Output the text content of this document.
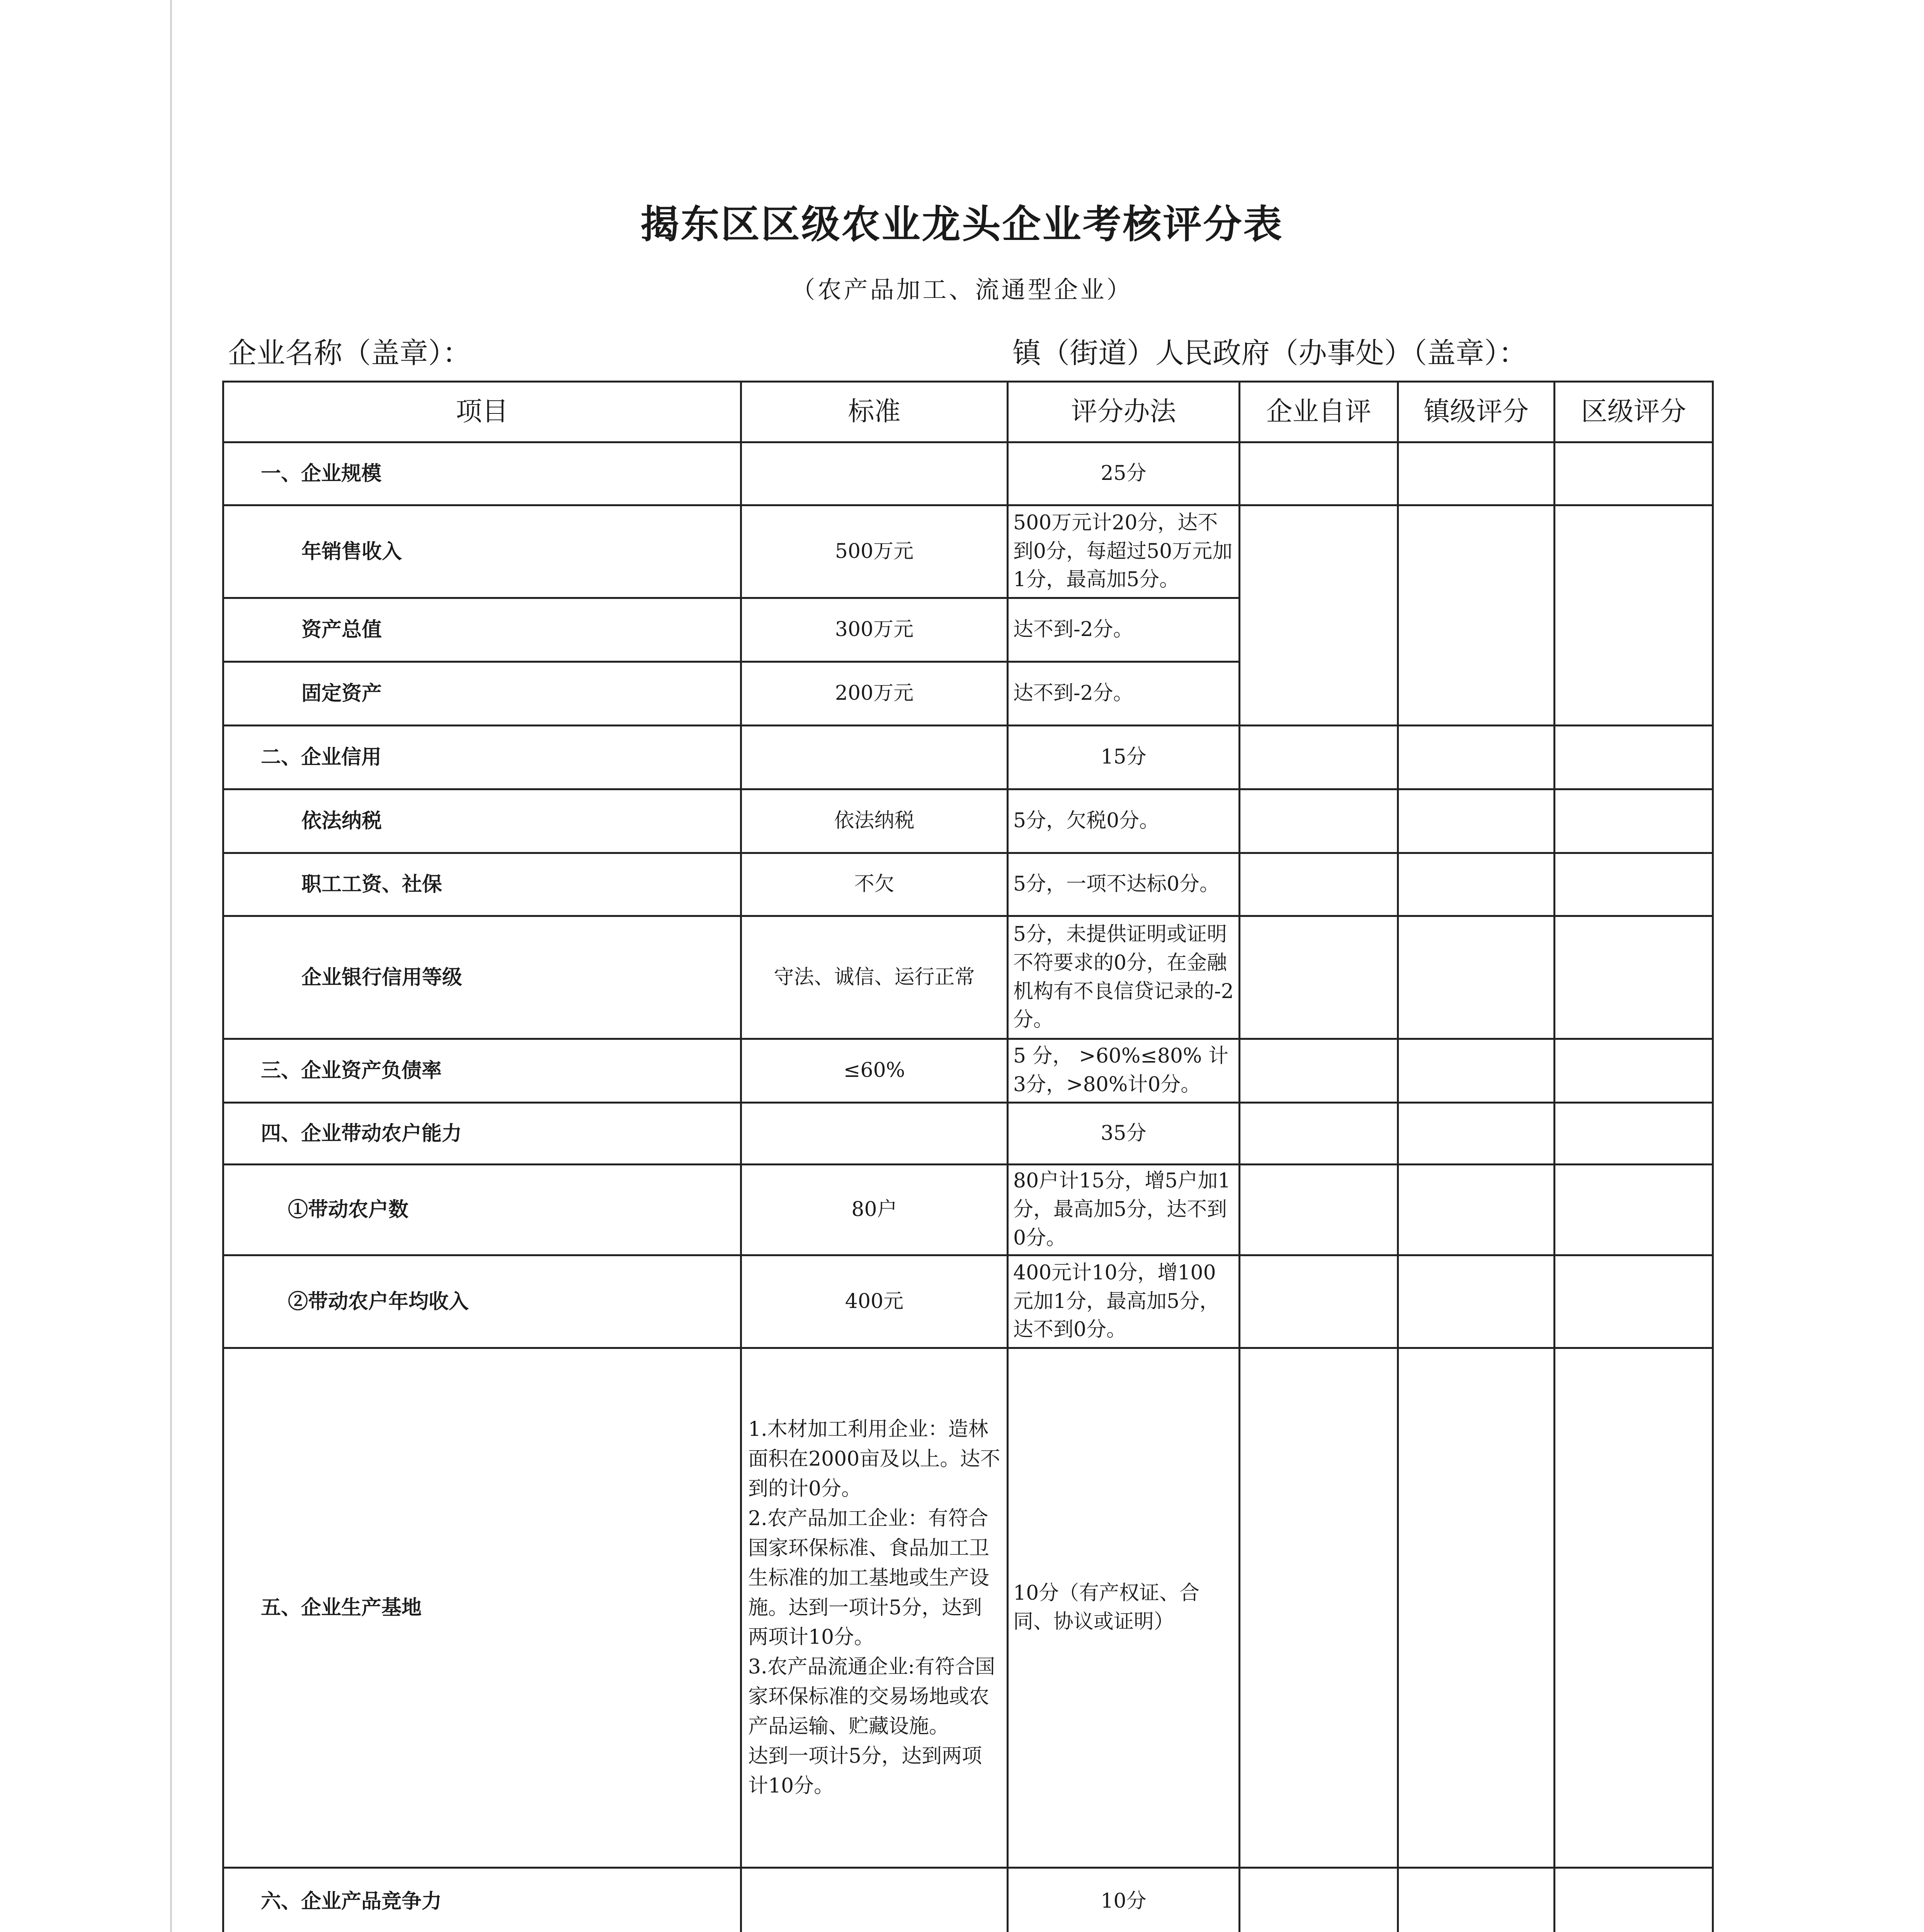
揭东区区级农业龙头企业考核评分表
（农产品加工、流通型企业）
企业名称（盖章）：	镇（街道）人民政府（办事处）（盖章）：
项目	标准	评分办法	企业自评	镇级评分	区级评分
一、企业规模		25分			
年销售收入	500万元	500万元计20分，达不到0分，每超过50万元加1分，最高加5分。			
资产总值	300万元	达不到-2分。			
固定资产	200万元	达不到-2分。			
二、企业信用		15分			
依法纳税	依法纳税	5分，欠税0分。			
职工工资、社保	不欠	5分，一项不达标0分。			
企业银行信用等级	守法、诚信、运行正常	5分，未提供证明或证明不符要求的0分，在金融机构有不良信贷记录的-2分。			
三、企业资产负债率	≤60%	5 分， >60%≤80% 计3分，>80%计0分。			
四、企业带动农户能力		35分			
①带动农户数	80户	80户计15分，增5户加1分，最高加5分，达不到0分。			
②带动农户年均收入	400元	400元计10分，增100元加1分，最高加5分，达不到0分。			
五、企业生产基地	1.木材加工利用企业：造林面积在2000亩及以上。达不到的计0分。
2.农产品加工企业：有符合国家环保标准、食品加工卫生标准的加工基地或生产设施。达到一项计5分，达到两项计10分。
3.农产品流通企业:有符合国家环保标准的交易场地或农产品运输、贮藏设施。
达到一项计5分，达到两项计10分。	10分（有产权证、合同、协议或证明）			
六、企业产品竞争力		10分			
